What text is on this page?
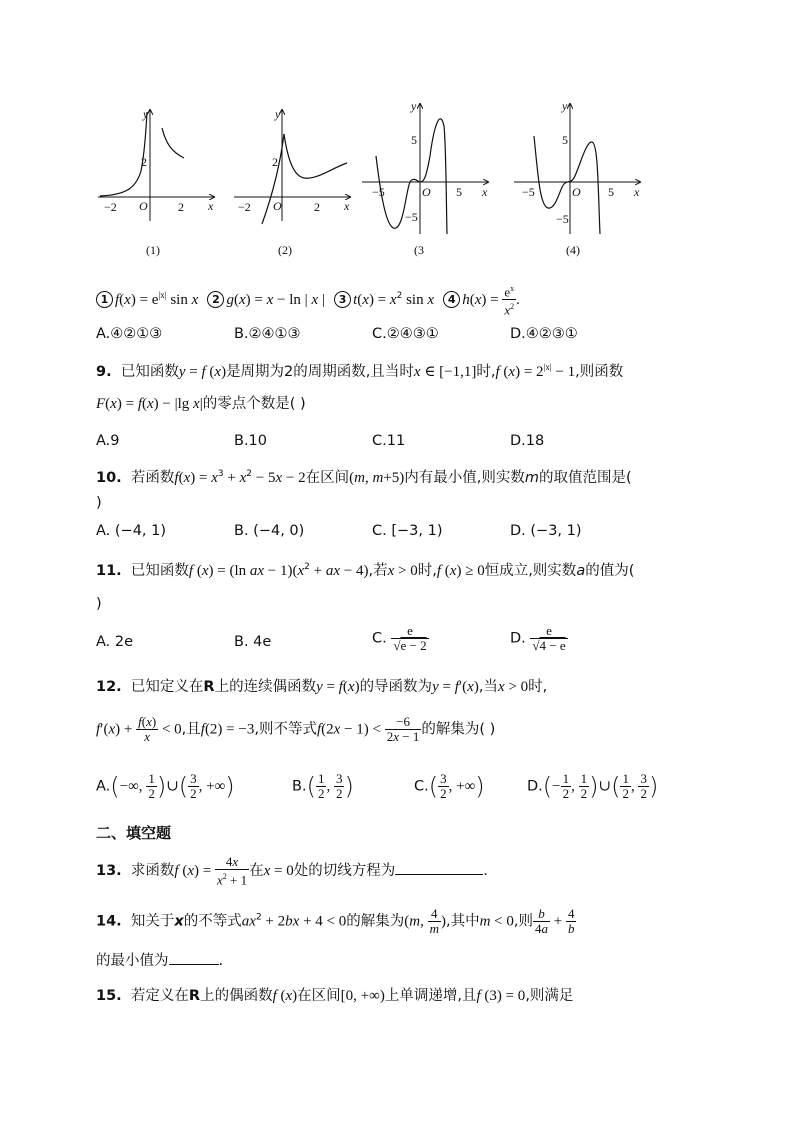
y
x
O
−2	2
2
y
x
O
−2	2
2
y
x
O
5
−5	5
−5
y
x
O
5
−5	5
−5
(1)	(2)	(3	(4)
1 $f(x) = e^{|x|}$ sin x 2 g(x) = x − ln | x | 3 $t(x) = x^2$ sin x 4 $h(x) = \frac{e^x}{x^2}$ .
A.④②①③	B.②④①③	C.②④③①	D.④②③①
9. 已知函数y = f (x)是周期为2的周期函数,且当时x ∈ [−1,1]时,f $(x) = 2^{|x|} - 1$,则函数
F(x) = f(x) − |lg x|的零点个数是( )
A.9	B.10	C.11	D.18
10. 若函数$f(x) = x^3 + x^2 - 5x - 2$在区间(m, m+5)内有最小值,则实数m的取值范围是(
)
A. (−4, 1)	B. (−4, 0)	C. [−3, 1)	D. (−3, 1)
11. 已知函数f (x) = (ln ax − $1)(x^2$ + ax − 4),若x > 0时,f (x) ≥ 0恒成立,则实数a的值为(
)
A. 2e	B. 4e	C. $\frac{e}{√e - 2}$	D. $\frac{e}{√4 - e}$
12. 已知定义在R上的连续偶函数y = f(x)的导函数为y = f′(x),当x > 0时,
$f'(x) + \frac{f(x)}{x} < 0$,且f(2) = −3,则不等式$f(2x - 1) < \frac{-6}{2x - 1}$ 的解集为( )
A.(−∞, $\frac{1}{2}$ )∪( $\frac{3}{2}$ , +∞)	$B.( \frac{1}{2}$ , $\frac{3}{2}$ )	$C.( \frac{3}{2}$ , +∞)	$D.(- \frac{1}{2}$ , $\frac{1}{2}$ )∪( $\frac{1}{2}$ , $\frac{3}{2}$ )
二、填空题
13. 求函数f $(x) = \frac{4x}{x^2 + 1}$ 在x = 0处的切线方程为	.
14. 知关于x的不等式$ax^2 + 2bx + 4 < 0$的解集为(m, $\frac{4}{m}$ ),其中m < 0,则 $\frac{b}{4a} + \frac{4}{b}$
的最小值为	.
15. 若定义在R上的偶函数f (x)在区间[0, +∞)上单调递增,且f (3) = 0,则满足
